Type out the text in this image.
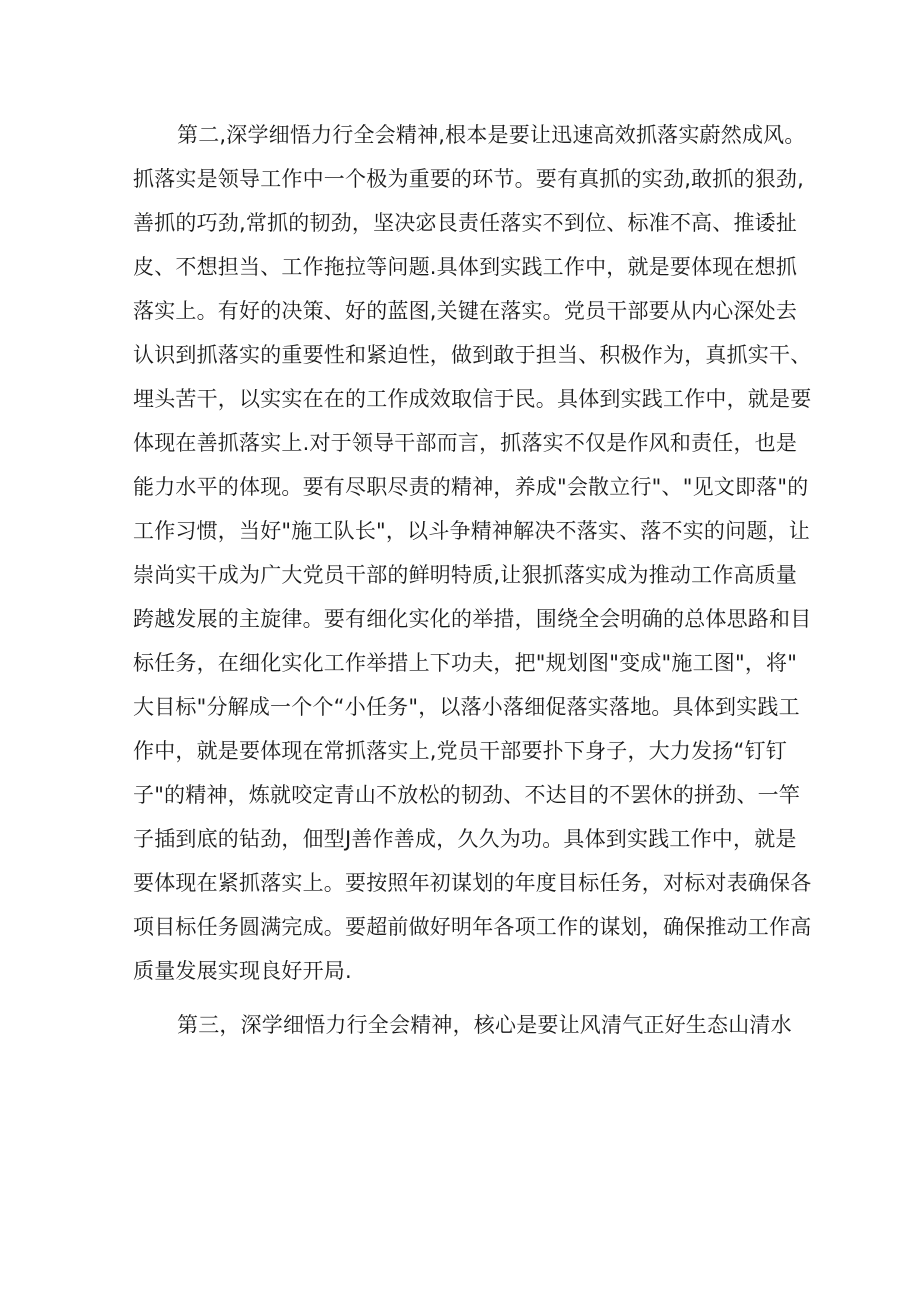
第二,深学细悟力行全会精神,根本是要让迅速高效抓落实蔚然成风。
抓落实是领导工作中一个极为重要的环节。要有真抓的实劲,敢抓的狠劲,
善抓的巧劲,常抓的韧劲，坚决宓艮责任落实不到位、标准不高、推诿扯
皮、不想担当、工作拖拉等问题.具体到实践工作中，就是要体现在想抓
落实上。有好的决策、好的蓝图,关键在落实。党员干部要从内心深处去
认识到抓落实的重要性和紧迫性，做到敢于担当、积极作为，真抓实干、
埋头苦干，以实实在在的工作成效取信于民。具体到实践工作中，就是要
体现在善抓落实上.对于领导干部而言，抓落实不仅是作风和责任，也是
能力水平的体现。要有尽职尽责的精神，养成"会散立行"、"见文即落"的
工作习惯，当好"施工队长"，以斗争精神解决不落实、落不实的问题，让
崇尚实干成为广大党员干部的鲜明特质,让狠抓落实成为推动工作高质量
跨越发展的主旋律。要有细化实化的举措，围绕全会明确的总体思路和目
标任务，在细化实化工作举措上下功夫，把"规划图"变成"施工图"，将"
大目标"分解成一个个“小任务"，以落小落细促落实落地。具体到实践工
作中，就是要体现在常抓落实上,党员干部要扑下身子，大力发扬“钉钉
子"的精神，炼就咬定青山不放松的韧劲、不达目的不罢休的拼劲、一竿
子插到底的钻劲，佃型J善作善成，久久为功。具体到实践工作中，就是
要体现在紧抓落实上。要按照年初谋划的年度目标任务，对标对表确保各
项目标任务圆满完成。要超前做好明年各项工作的谋划，确保推动工作高
质量发展实现良好开局.
第三，深学细悟力行全会精神，核心是要让风清气正好生态山清水
